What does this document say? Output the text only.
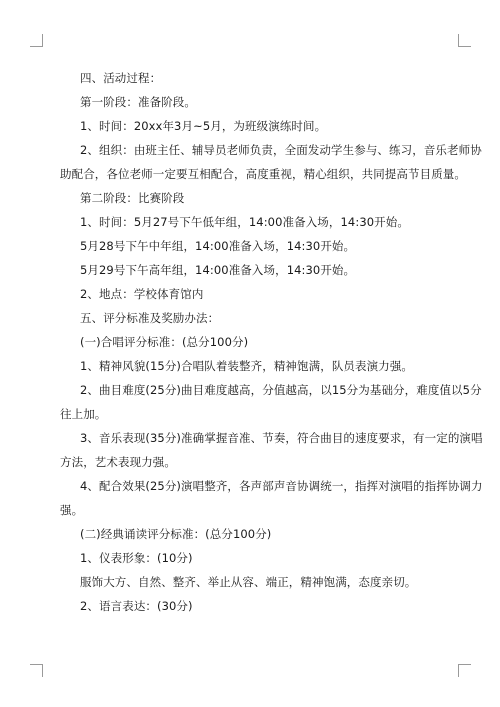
四、活动过程：
第一阶段：准备阶段。
1、时间：20xx年3月~5月，为班级演练时间。
2、组织：由班主任、辅导员老师负责，全面发动学生参与、练习，音乐老师协
助配合，各位老师一定要互相配合，高度重视，精心组织，共同提高节目质量。
第二阶段：比赛阶段
1、时间：5月27号下午低年组，14:00准备入场，14:30开始。
5月28号下午中年组，14:00准备入场，14:30开始。
5月29号下午高年组，14:00准备入场，14:30开始。
2、地点：学校体育馆内
五、评分标准及奖励办法：
(一)合唱评分标准：(总分100分)
1、精神风貌(15分)合唱队着装整齐，精神饱满，队员表演力强。
2、曲目难度(25分)曲目难度越高，分值越高，以15分为基础分，难度值以5分
往上加。
3、音乐表现(35分)准确掌握音准、节奏，符合曲目的速度要求，有一定的演唱
方法，艺术表现力强。
4、配合效果(25分)演唱整齐，各声部声音协调统一，指挥对演唱的指挥协调力
强。
(二)经典诵读评分标准：(总分100分)
1、仪表形象：(10分)
服饰大方、自然、整齐、举止从容、端正，精神饱满，态度亲切。
2、语言表达：(30分)
